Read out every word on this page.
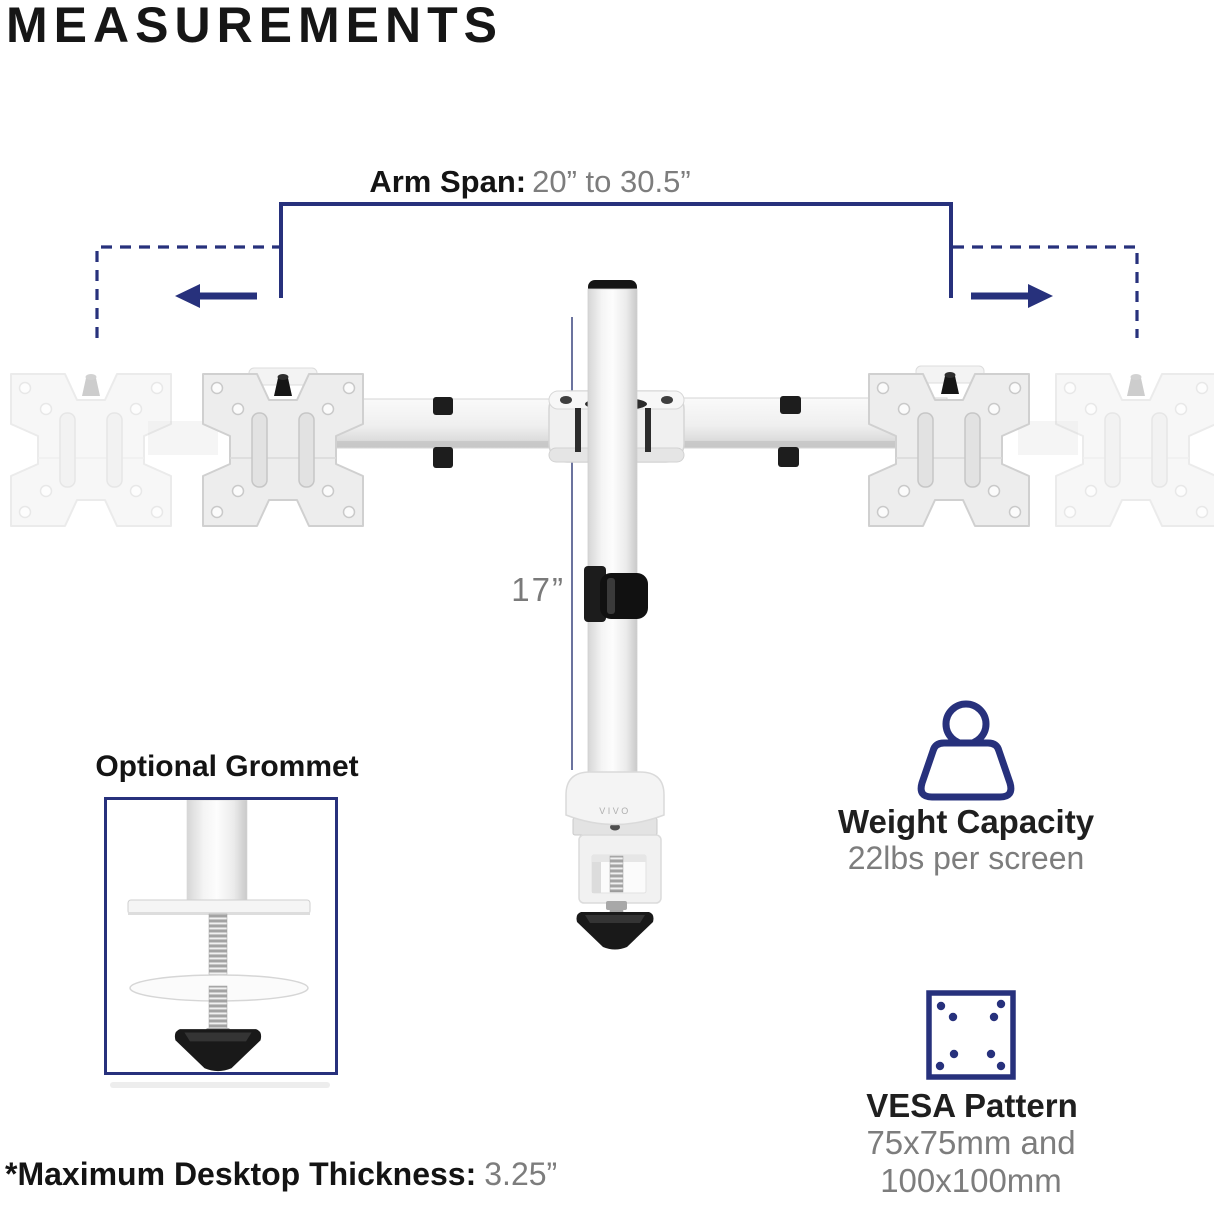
VIVO
MEASUREMENTS
Arm Span: 20” to 30.5”
17”
Optional Grommet
Weight Capacity
22lbs per screen
VESA Pattern
75x75mm and 100x100mm
*Maximum Desktop Thickness: 3.25”
